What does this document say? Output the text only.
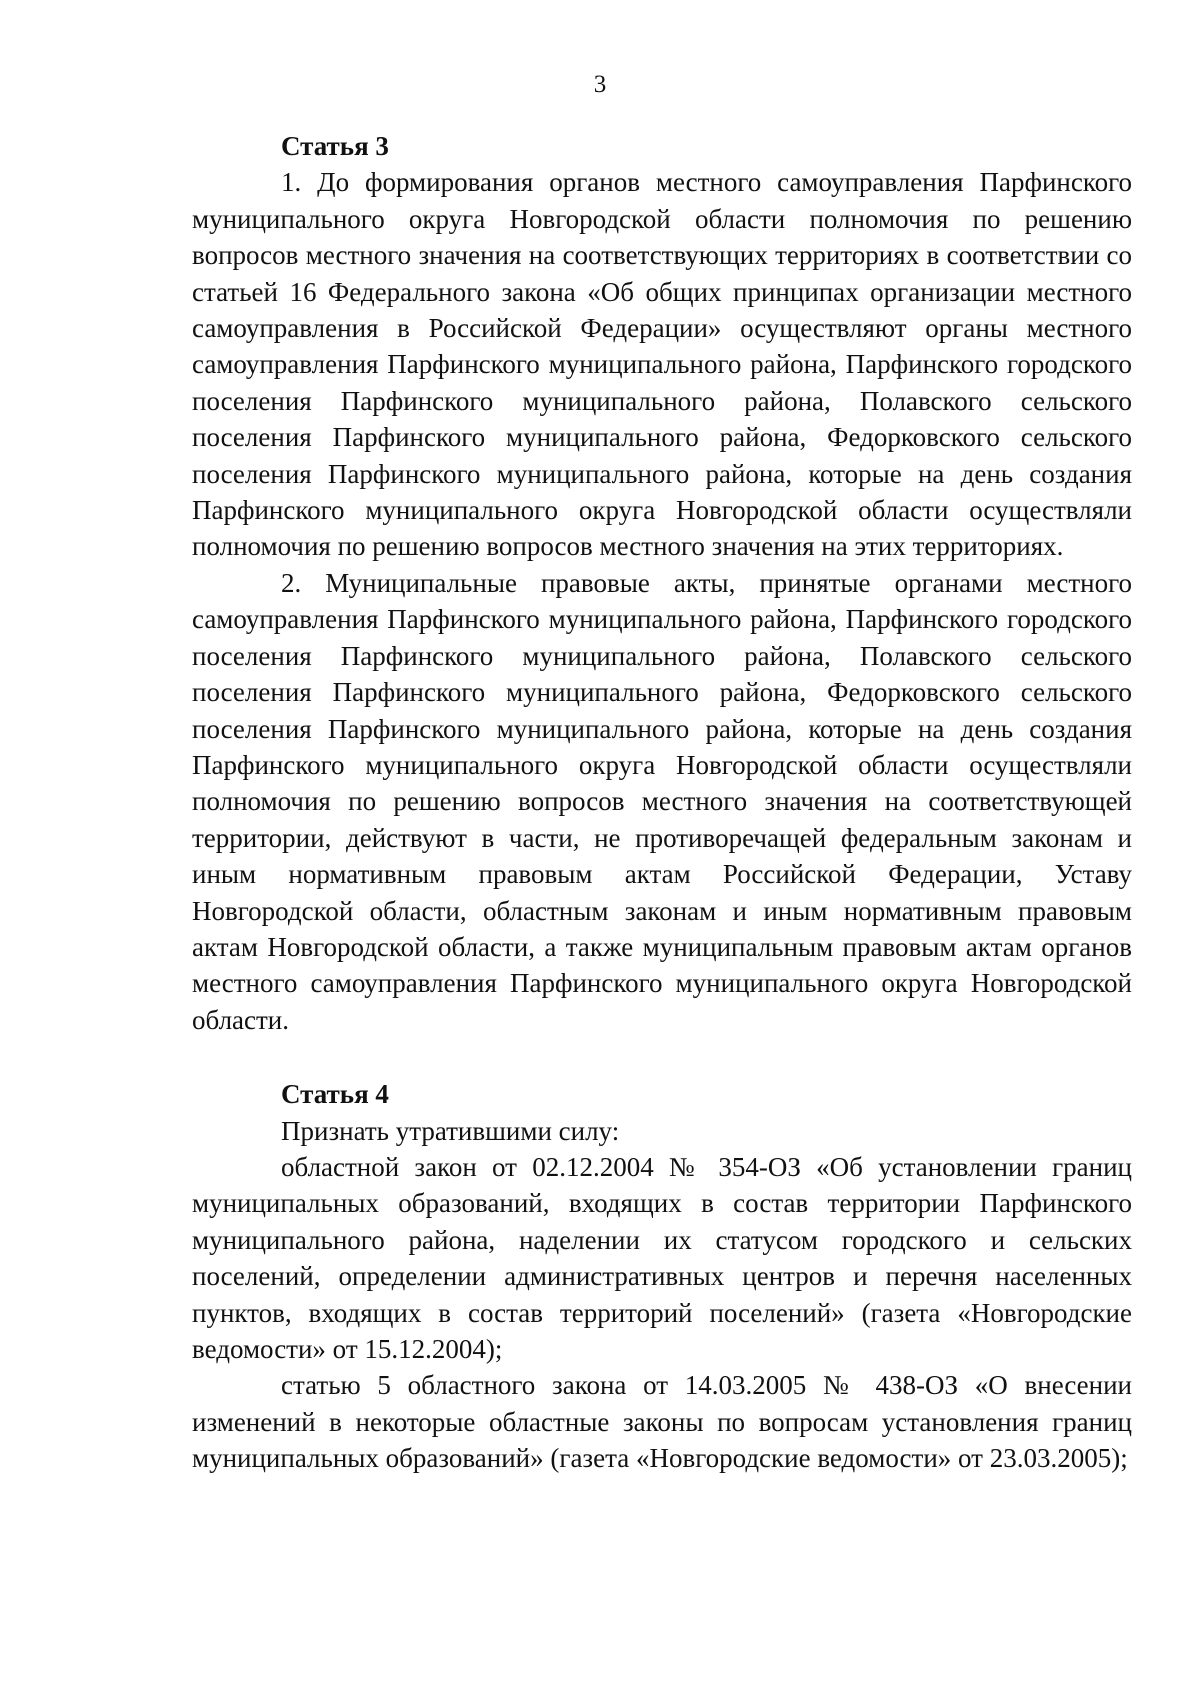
3

Статья 3

1. До формирования органов местного самоуправления Парфинского муниципального округа Новгородской области полномочия по решению вопросов местного значения на соответствующих территориях в соответствии со статьей 16 Федерального закона «Об общих принципах организации местного самоуправления в Российской Федерации» осуществляют органы местного самоуправления Парфинского муниципального района, Парфинского городского поселения Парфинского муниципального района, Полавского сельского поселения Парфинского муниципального района, Федорковского сельского поселения Парфинского муниципального района, которые на день создания Парфинского муниципального округа Новгородской области осуществляли полномочия по решению вопросов местного значения на этих территориях.

2. Муниципальные правовые акты, принятые органами местного самоуправления Парфинского муниципального района, Парфинского городского поселения Парфинского муниципального района, Полавского сельского поселения Парфинского муниципального района, Федорковского сельского поселения Парфинского муниципального района, которые на день создания Парфинского муниципального округа Новгородской области осуществляли полномочия по решению вопросов местного значения на соответствующей территории, действуют в части, не противоречащей федеральным законам и иным нормативным правовым актам Российской Федерации, Уставу Новгородской области, областным законам и иным нормативным правовым актам Новгородской области, а также муниципальным правовым актам органов местного самоуправления Парфинского муниципального округа Новгородской области.

Статья 4

Признать утратившими силу:

областной закон от 02.12.2004 № 354-ОЗ «Об установлении границ муниципальных образований, входящих в состав территории Парфинского муниципального района, наделении их статусом городского и сельских поселений, определении административных центров и перечня населенных пунктов, входящих в состав территорий поселений» (газета «Новгородские ведомости» от 15.12.2004);

статью 5 областного закона от 14.03.2005 № 438-ОЗ «О внесении изменений в некоторые областные законы по вопросам установления границ муниципальных образований» (газета «Новгородские ведомости» от 23.03.2005);
